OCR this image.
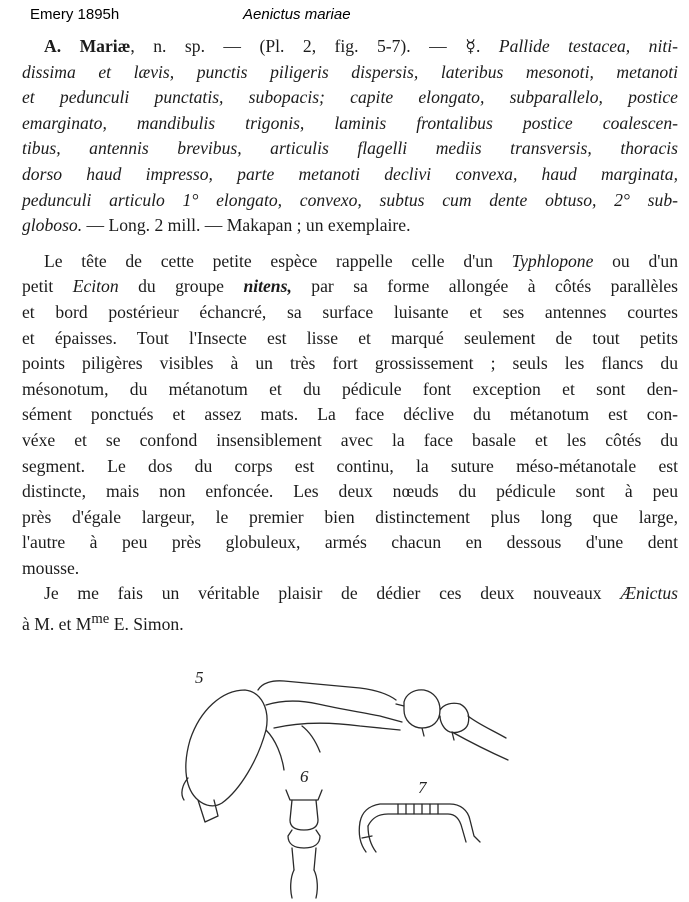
Emery 1895h	Aenictus mariae
A. Mariæ, n. sp. — (Pl. 2, fig. 5-7). — ☿. Pallide testacea, niti-
dissima et lævis, punctis piligeris dispersis, lateribus mesonoti, metanoti
et pedunculi punctatis, subopacis; capite elongato, subparallelo, postice
emarginato, mandibulis trigonis, laminis frontalibus postice coalescen-
tibus, antennis brevibus, articulis flagelli mediis transversis, thoracis
dorso haud impresso, parte metanoti declivi convexa, haud marginata,
pedunculi articulo 1° elongato, convexo, subtus cum dente obtuso, 2° sub-
globoso. — Long. 2 mill. — Makapan ; un exemplaire.
Le tête de cette petite espèce rappelle celle d'un Typhlopone ou d'un
petit Eciton du groupe nitens, par sa forme allongée à côtés parallèles
et bord postérieur échancré, sa surface luisante et ses antennes courtes
et épaisses. Tout l'Insecte est lisse et marqué seulement de tout petits
points piligères visibles à un très fort grossissement ; seuls les flancs du
mésonotum, du métanotum et du pédicule font exception et sont den-
sément ponctués et assez mats. La face déclive du métanotum est con-
véxe et se confond insensiblement avec la face basale et les côtés du
segment. Le dos du corps est continu, la suture méso-métanotale est
distincte, mais non enfoncée. Les deux nœuds du pédicule sont à peu
près d'égale largeur, le premier bien distinctement plus long que large,
l'autre à peu près globuleux, armés chacun en dessous d'une dent
mousse.
Je me fais un véritable plaisir de dédier ces deux nouveaux Ænictus
à M. et $M^{me}$ E. Simon.
5
6
7
